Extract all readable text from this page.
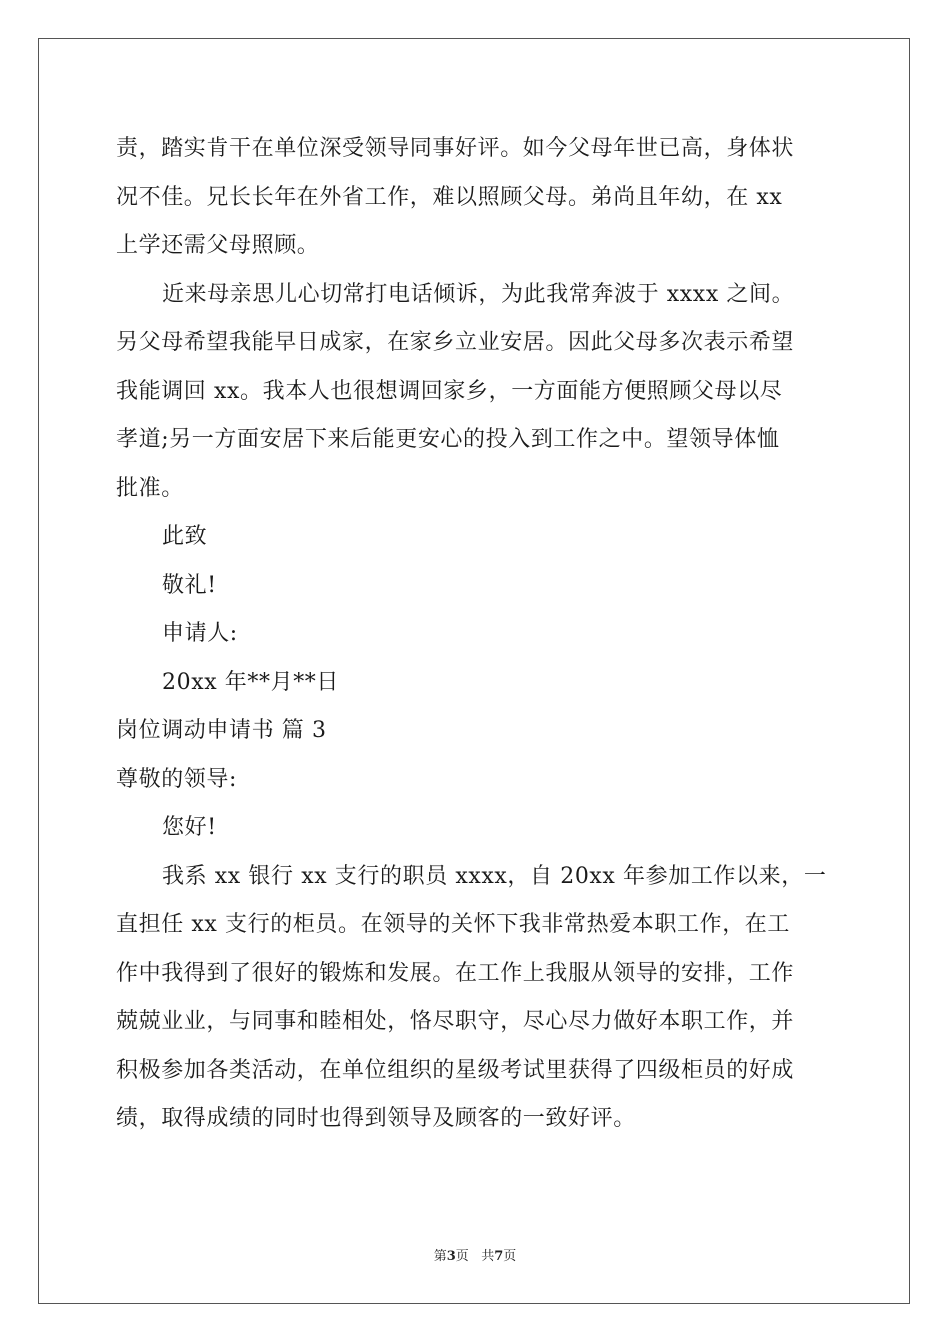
责，踏实肯干在单位深受领导同事好评。如今父母年世已高，身体状
况不佳。兄长长年在外省工作，难以照顾父母。弟尚且年幼，在 xx
上学还需父母照顾。
近来母亲思儿心切常打电话倾诉，为此我常奔波于 xxxx 之间。
另父母希望我能早日成家，在家乡立业安居。因此父母多次表示希望
我能调回 xx。我本人也很想调回家乡，一方面能方便照顾父母以尽
孝道;另一方面安居下来后能更安心的投入到工作之中。望领导体恤
批准。
此致
敬礼!
申请人:
20xx 年**月**日
岗位调动申请书 篇 3
尊敬的领导:
您好!
我系 xx 银行 xx 支行的职员 xxxx，自 20xx 年参加工作以来，一
直担任 xx 支行的柜员。在领导的关怀下我非常热爱本职工作，在工
作中我得到了很好的锻炼和发展。在工作上我服从领导的安排，工作
兢兢业业，与同事和睦相处，恪尽职守，尽心尽力做好本职工作，并
积极参加各类活动，在单位组织的星级考试里获得了四级柜员的好成
绩，取得成绩的同时也得到领导及顾客的一致好评。
第3页 共7页
